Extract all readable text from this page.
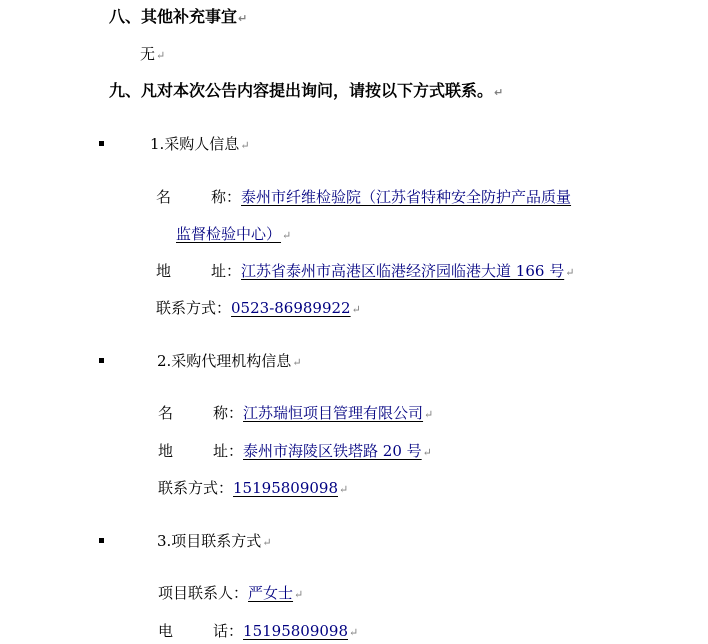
八、其他补充事宜↵
无↵
九、凡对本次公告内容提出询问，请按以下方式联系。↵
1.采购人信息↵
名	称：泰州市纤维检验院（江苏省特种安全防护产品质量
监督检验中心）↵
地	址：江苏省泰州市高港区临港经济园临港大道 166 号↵
联系方式：0523-86989922↵
2.采购代理机构信息↵
名	称：江苏瑞恒项目管理有限公司↵
地	址：泰州市海陵区铁塔路 20 号↵
联系方式：15195809098↵
3.项目联系方式↵
项目联系人：严女士↵
电	话：15195809098↵
